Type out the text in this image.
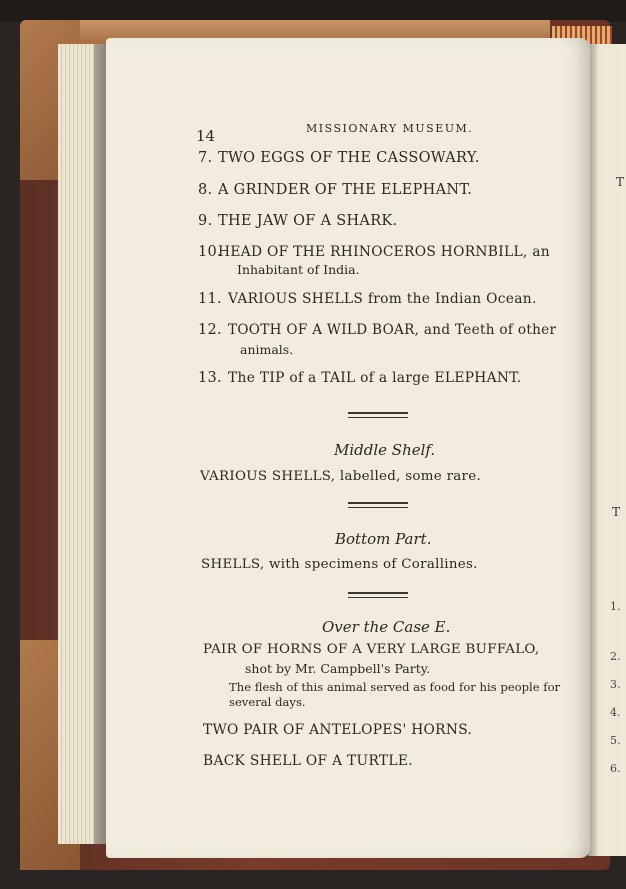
T
T
1.
2.
3.
4.
5.
6.
14	MISSIONARY MUSEUM.
7. TWO EGGS OF THE CASSOWARY.
8. A GRINDER OF THE ELEPHANT.
9. THE JAW OF A SHARK.
10.
HEAD OF THE RHINOCEROS HORNBILL, an
Inhabitant of India.
11. VARIOUS SHELLS from the Indian Ocean.
12. TOOTH OF A WILD BOAR, and Teeth of other
animals.
13. The TIP of a TAIL of a large ELEPHANT.
Middle Shelf.
VARIOUS SHELLS, labelled, some rare.
Bottom Part.
SHELLS, with specimens of Corallines.
Over the Case E.
PAIR OF HORNS OF A VERY LARGE BUFFALO,
shot by Mr. Campbell's Party.
The flesh of this animal served as food for his people for
several days.
TWO PAIR OF ANTELOPES' HORNS.
BACK SHELL OF A TURTLE.
